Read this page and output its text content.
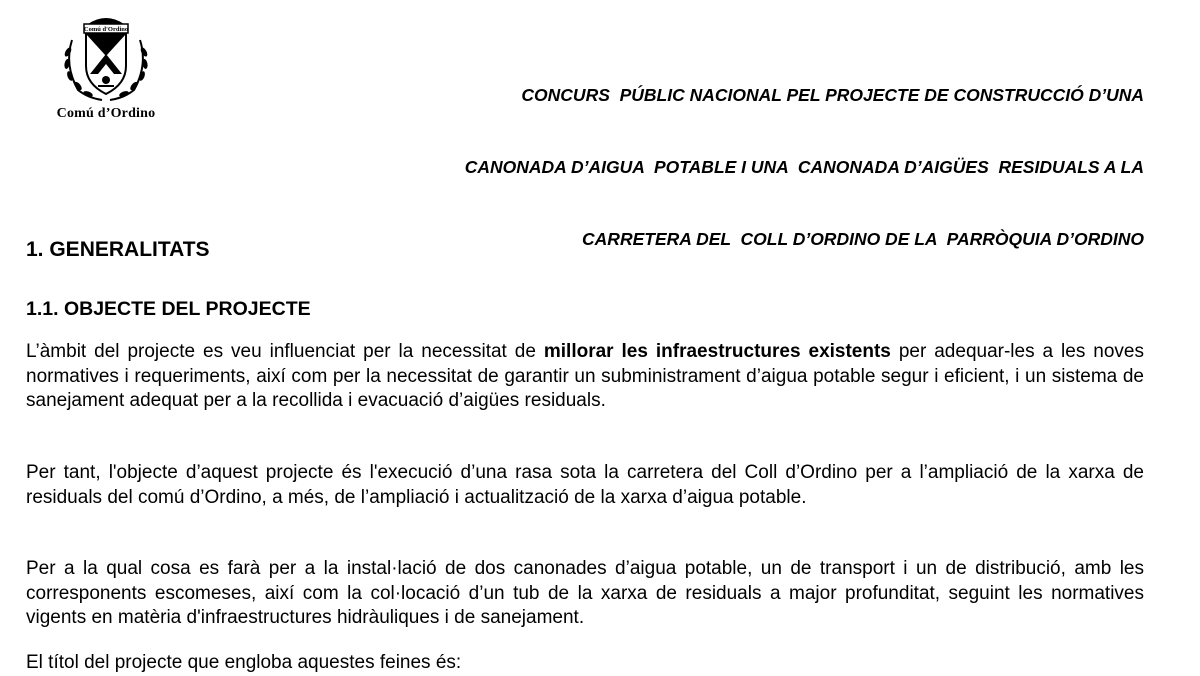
Comú d'Ordino
Comú d’Ordino

CONCURS  PÚBLIC NACIONAL PEL PROJECTE DE CONSTRUCCIÓ D’UNA

CANONADA D’AIGUA  POTABLE I UNA  CANONADA D’AIGÜES  RESIDUALS A LA

CARRETERA DEL  COLL D’ORDINO DE LA  PARRÒQUIA D’ORDINO

1. GENERALITATS
1.1. OBJECTE DEL PROJECTE

L’àmbit del projecte es veu influenciat per la necessitat de millorar les infraestructures existents per adequar-les a les noves normatives i requeriments, així com per la necessitat de garantir un subministrament d’aigua potable segur i eficient, i un sistema de sanejament adequat per a la recollida i evacuació d’aigües residuals.

Per tant, l'objecte d’aquest projecte és l'execució d’una rasa sota la carretera del Coll d’Ordino per a l’ampliació de la xarxa de residuals del comú d’Ordino, a més, de l’ampliació i actualització de la xarxa d’aigua potable.

Per a la qual cosa es farà per a la instal·lació de dos canonades d’aigua potable, un de transport i un de distribució, amb les corresponents escomeses, així com la col·locació d’un tub de la xarxa de residuals a major profunditat, seguint les normatives vigents en matèria d'infraestructures hidràuliques i de sanejament.

El títol del projecte que engloba aquestes feines és:
